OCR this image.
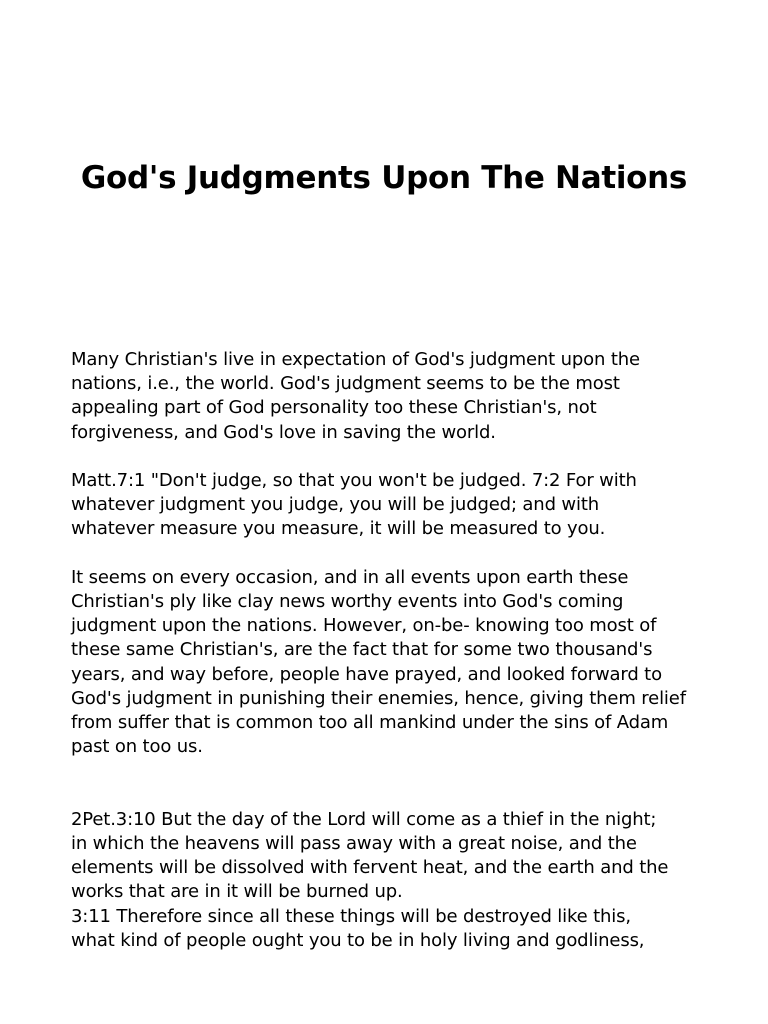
God's Judgments Upon The Nations

Many Christian's live in expectation of God's judgment upon the
nations, i.e., the world. God's judgment seems to be the most
appealing part of God personality too these Christian's, not
forgiveness, and God's love in saving the world.

Matt.7:1 "Don't judge, so that you won't be judged. 7:2 For with
whatever judgment you judge, you will be judged; and with
whatever measure you measure, it will be measured to you.

It seems on every occasion, and in all events upon earth these
Christian's ply like clay news worthy events into God's coming
judgment upon the nations. However, on-be- knowing too most of
these same Christian's, are the fact that for some two thousand's
years, and way before, people have prayed, and looked forward to
God's judgment in punishing their enemies, hence, giving them relief
from suffer that is common too all mankind under the sins of Adam
past on too us.

2Pet.3:10 But the day of the Lord will come as a thief in the night;
in which the heavens will pass away with a great noise, and the
elements will be dissolved with fervent heat, and the earth and the
works that are in it will be burned up.
3:11 Therefore since all these things will be destroyed like this,
what kind of people ought you to be in holy living and godliness,
